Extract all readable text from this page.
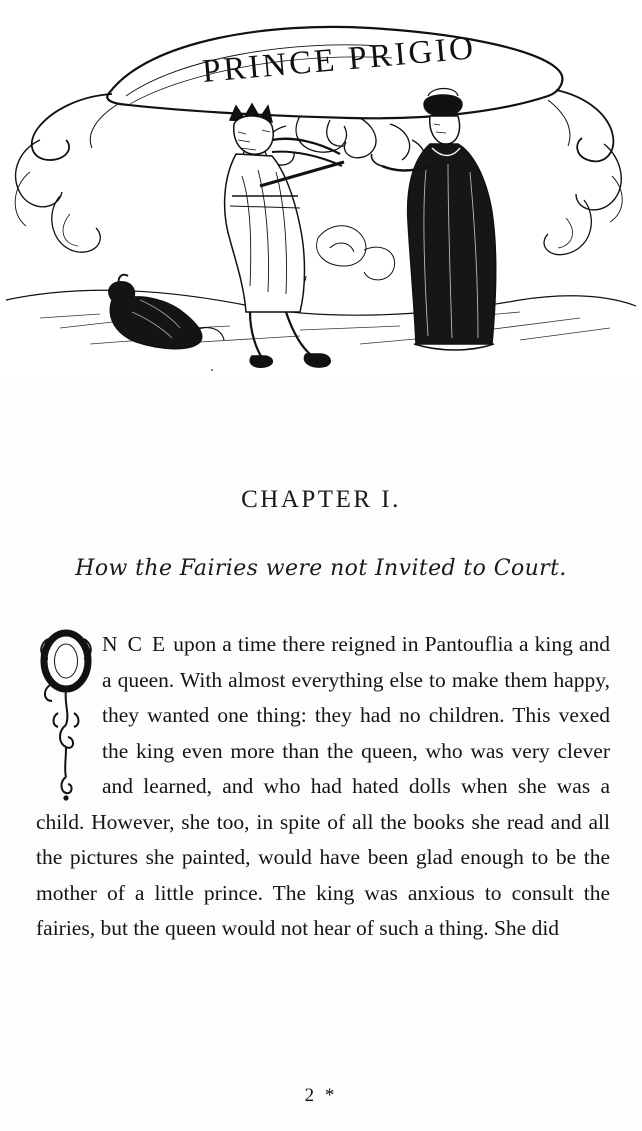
PRINCE PRIGIO
CHAPTER I.
How the Fairies were not Invited to Court.

N C E upon a time there reigned in Pantouflia a king and a queen. With almost everything else to make them happy, they wanted one thing: they had no children. This vexed the king even more than the queen, who was very clever and learned, and who had hated dolls when she was a child. However, she too, in spite of all the books she read and all the pictures she painted, would have been glad enough to be the mother of a little prince. The king was anxious to consult the fairies, but the queen would not hear of such a thing. She did

2 *
